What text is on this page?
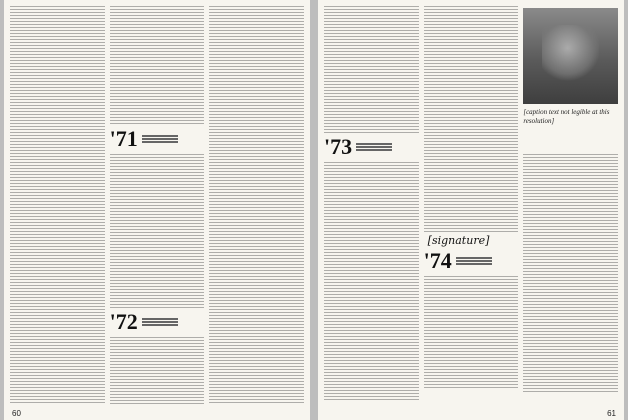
'71
'72
60
'73
[signature]
'74
[caption text not legible at this resolution]
61
